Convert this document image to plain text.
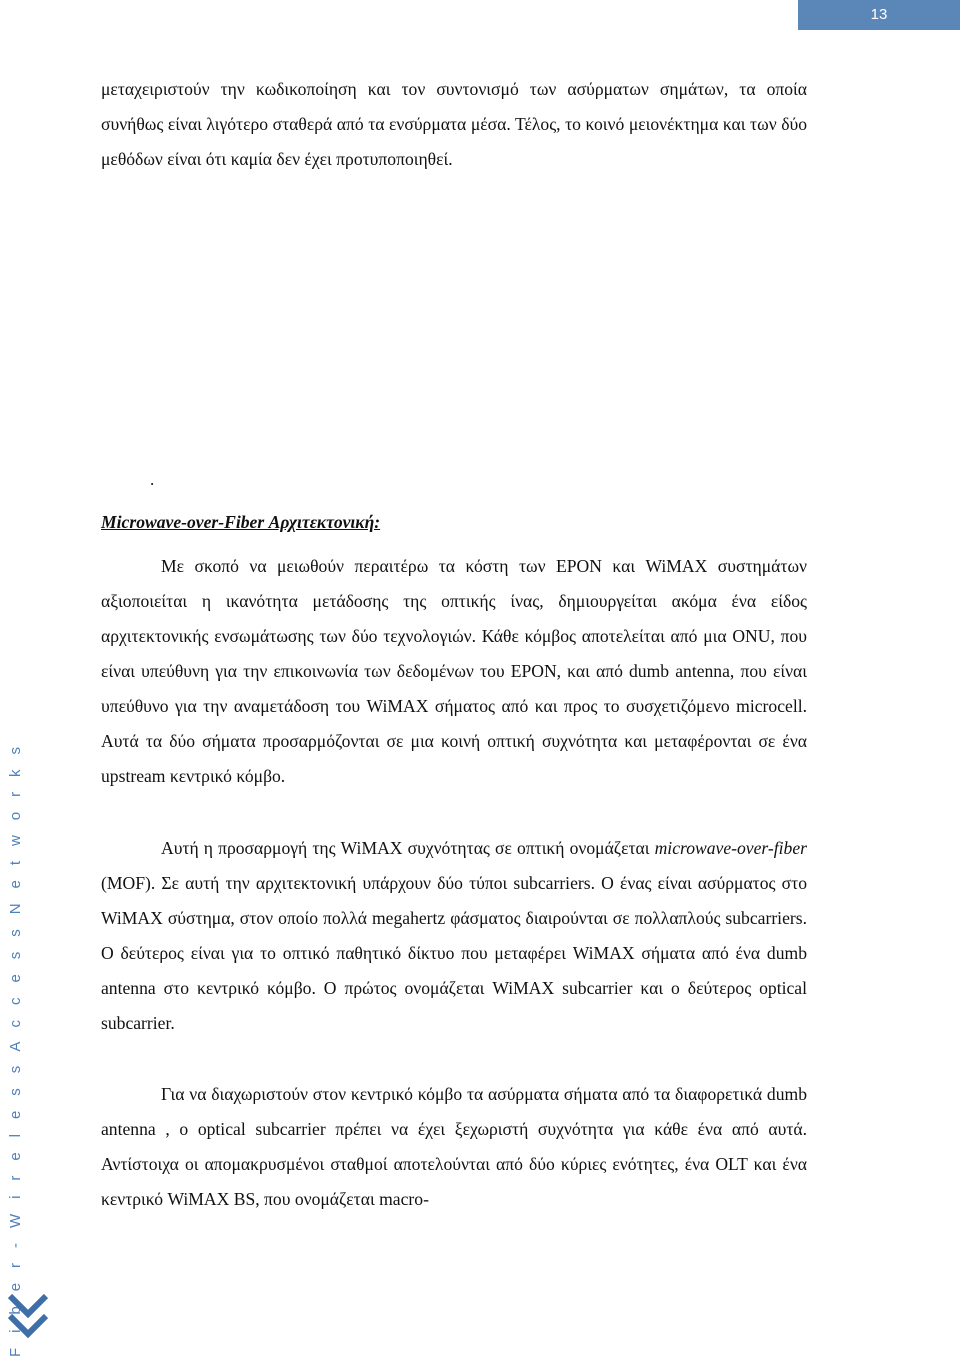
13
F i b e r - W i r e l e s s A c c e s s N e t w o r k s

μεταχειριστούν την κωδικοποίηση και τον συντονισμό των ασύρματων σημάτων, τα οποία συνήθως είναι λιγότερο σταθερά από τα ενσύρματα μέσα. Τέλος, το κοινό μειονέκτημα και των δύο μεθόδων είναι ότι καμία δεν έχει προτυποποιηθεί.

.
Microwave-over-Fiber Αρχιτεκτονική:

Με σκοπό να μειωθούν περαιτέρω τα κόστη των EPON και WiMAX συστημάτων αξιοποιείται η ικανότητα μετάδοσης της οπτικής ίνας, δημιουργείται ακόμα ένα είδος αρχιτεκτονικής ενσωμάτωσης των δύο τεχνολογιών. Κάθε κόμβος αποτελείται από μια ONU, που είναι υπεύθυνη για την επικοινωνία των δεδομένων του EPON, και από dumb antenna, που είναι υπεύθυνο για την αναμετάδοση του WiMAX σήματος από και προς το συσχετιζόμενο microcell. Αυτά τα δύο σήματα προσαρμόζονται σε μια κοινή οπτική συχνότητα και μεταφέρονται σε ένα upstream κεντρικό κόμβο.

Αυτή η προσαρμογή της WiMAX συχνότητας σε οπτική ονομάζεται microwave-over-fiber (MOF). Σε αυτή την αρχιτεκτονική υπάρχουν δύο τύποι subcarriers. Ο ένας είναι ασύρματος στο WiMAX σύστημα, στον οποίο πολλά megahertz φάσματος διαιρούνται σε πολλαπλούς subcarriers. Ο δεύτερος είναι για το οπτικό παθητικό δίκτυο που μεταφέρει WiMAX σήματα από ένα dumb antenna στο κεντρικό κόμβο. Ο πρώτος ονομάζεται WiMAX subcarrier και ο δεύτερος optical subcarrier.

Για να διαχωριστούν στον κεντρικό κόμβο τα ασύρματα σήματα από τα διαφορετικά dumb antenna , ο optical subcarrier πρέπει να έχει ξεχωριστή συχνότητα για κάθε ένα από αυτά. Αντίστοιχα οι απομακρυσμένοι σταθμοί αποτελούνται από δύο κύριες ενότητες, ένα OLT και ένα κεντρικό WiMAX BS, που ονομάζεται macro-
